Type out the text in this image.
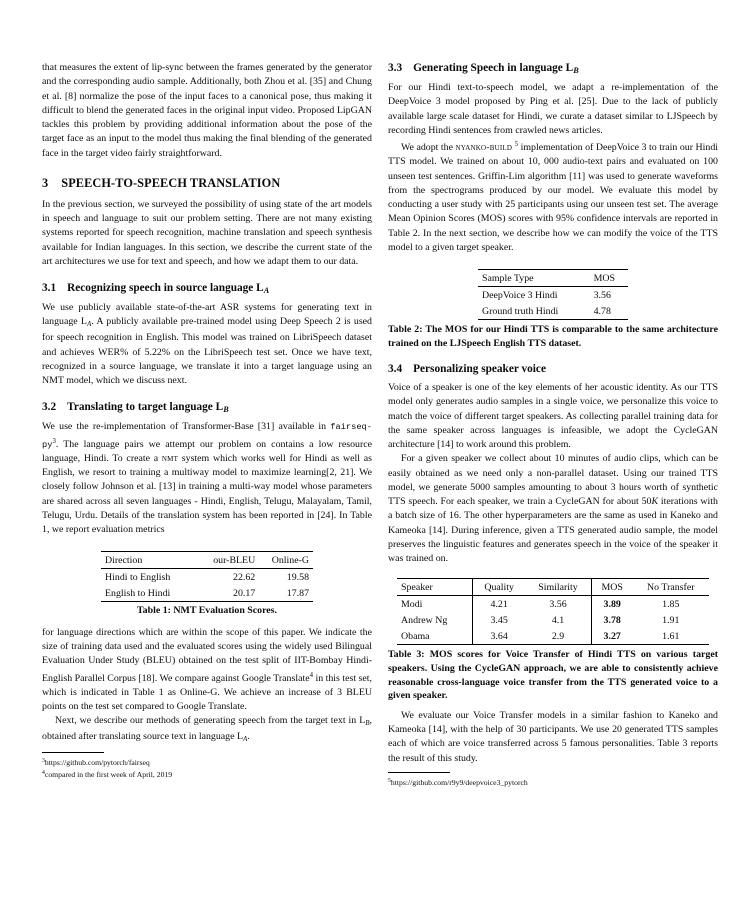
that measures the extent of lip-sync between the frames generated by the generator and the corresponding audio sample. Additionally, both Zhou et al. [35] and Chung et al. [8] normalize the pose of the input faces to a canonical pose, thus making it difficult to blend the generated faces in the original input video. Proposed LipGAN tackles this problem by providing additional information about the pose of the target face as an input to the model thus making the final blending of the generated face in the target video fairly straightforward.

3 SPEECH-TO-SPEECH TRANSLATION

In the previous section, we surveyed the possibility of using state of the art models in speech and language to suit our problem setting. There are not many existing systems reported for speech recognition, machine translation and speech synthesis available for Indian languages. In this section, we describe the current state of the art architectures we use for text and speech, and how we adapt them to our data.

3.1 Recognizing speech in source language LA

We use publicly available state-of-the-art ASR systems for generating text in language $L_A$. A publicly available pre-trained model using Deep Speech 2 is used for speech recognition in English. This model was trained on LibriSpeech dataset and achieves WER% of 5.22% on the LibriSpeech test set. Once we have text, recognized in a source language, we translate it into a target language using an NMT model, which we discuss next.

3.2 Translating to target language LB

We use the re-implementation of Transformer-Base [31] available in fairseq-$py^3$. The language pairs we attempt our problem on contains a low resource language, Hindi. To create a nmt system which works well for Hindi as well as English, we resort to training a multiway model to maximize learning[2, 21]. We closely follow Johnson et al. [13] in training a multi-way model whose parameters are shared across all seven languages - Hindi, English, Telugu, Malayalam, Tamil, Telugu, Urdu. Details of the translation system has been reported in [24]. In Table 1, we report evaluation metrics

Direction	our-BLEU	Online-G
Hindi to English	22.62	19.58
English to Hindi	20.17	17.87
Table 1: NMT Evaluation Scores.

for language directions which are within the scope of this paper. We indicate the size of training data used and the evaluated scores using the widely used Bilingual Evaluation Under Study (BLEU) obtained on the test split of IIT-Bombay Hindi-English Parallel Corpus [18]. We compare against Google Translate$^4$ in this test set, which is indicated in Table 1 as Online-G. We achieve an increase of 3 BLEU points on the test set compared to Google Translate.

Next, we describe our methods of generating speech from the target text in $L_B$, obtained after translating source text in language $L_A$.

$^3$https://github.com/pytorch/fairseq

$^4$compared in the first week of April, 2019

3.3 Generating Speech in language LB

For our Hindi text-to-speech model, we adapt a re-implementation of the DeepVoice 3 model proposed by Ping et al. [25]. Due to the lack of publicly available large scale dataset for Hindi, we curate a dataset similar to LJSpeech by recording Hindi sentences from crawled news articles.

We adopt the nyanko-build $^5$ implementation of DeepVoice 3 to train our Hindi TTS model. We trained on about 10, 000 audio-text pairs and evaluated on 100 unseen test sentences. Griffin-Lim algorithm [11] was used to generate waveforms from the spectrograms produced by our model. We evaluate this model by conducting a user study with 25 participants using our unseen test set. The average Mean Opinion Scores (MOS) scores with 95% confidence intervals are reported in Table 2. In the next section, we describe how we can modify the voice of the TTS model to a given target speaker.

Sample Type	MOS
DeepVoice 3 Hindi	3.56
Ground truth Hindi	4.78
Table 2: The MOS for our Hindi TTS is comparable to the same architecture trained on the LJSpeech English TTS dataset.
3.4 Personalizing speaker voice

Voice of a speaker is one of the key elements of her acoustic identity. As our TTS model only generates audio samples in a single voice, we personalize this voice to match the voice of different target speakers. As collecting parallel training data for the same speaker across languages is infeasible, we adopt the CycleGAN architecture [14] to work around this problem.

For a given speaker we collect about 10 minutes of audio clips, which can be easily obtained as we need only a non-parallel dataset. Using our trained TTS model, we generate 5000 samples amounting to about 3 hours worth of synthetic TTS speech. For each speaker, we train a CycleGAN for about 50K iterations with a batch size of 16. The other hyperparameters are the same as used in Kaneko and Kameoka [14]. During inference, given a TTS generated audio sample, the model preserves the linguistic features and generates speech in the voice of the speaker it was trained on.

Speaker	Quality	Similarity	MOS	No Transfer
Modi	4.21	3.56	3.89	1.85
Andrew Ng	3.45	4.1	3.78	1.91
Obama	3.64	2.9	3.27	1.61
Table 3: MOS scores for Voice Transfer of Hindi TTS on various target speakers. Using the CycleGAN approach, we are able to consistently achieve reasonable cross-language voice transfer from the TTS generated voice to a given speaker.

We evaluate our Voice Transfer models in a similar fashion to Kaneko and Kameoka [14], with the help of 30 participants. We use 20 generated TTS samples each of which are voice transferred across 5 famous personalities. Table 3 reports the result of this study.

$^5$https://github.com/r9y9/deepvoice3_pytorch
